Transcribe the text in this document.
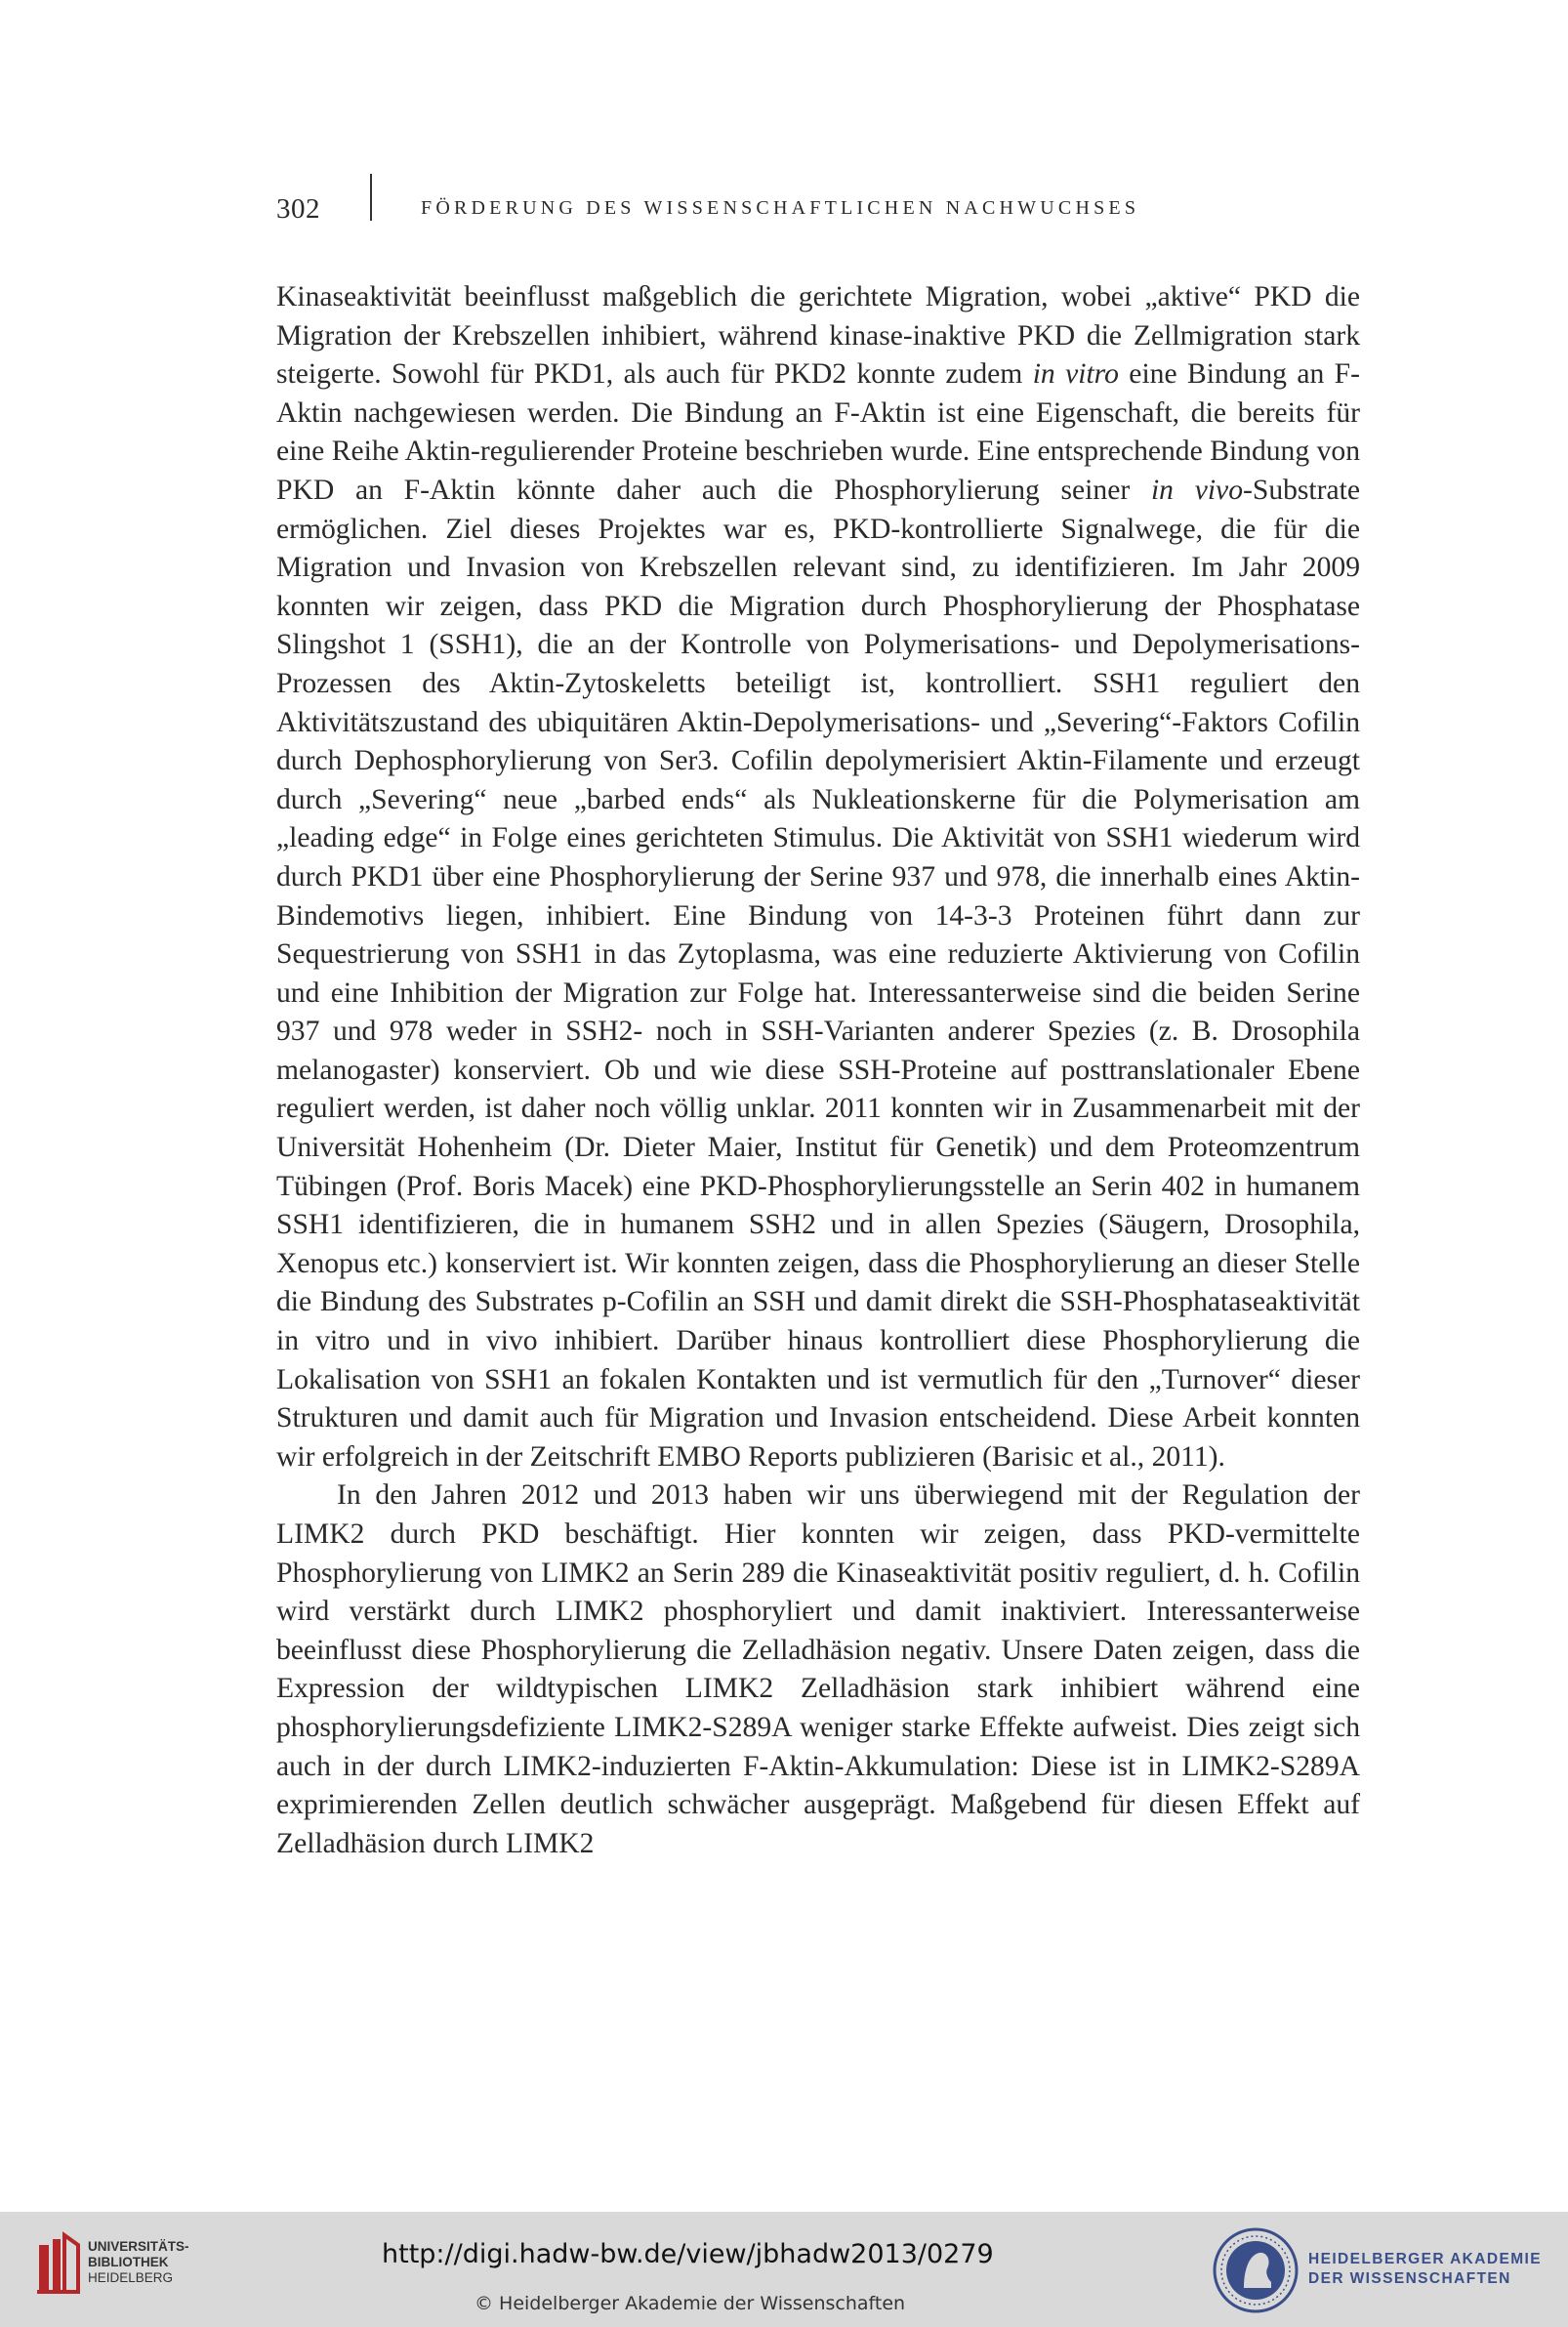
302	FÖRDERUNG DES WISSENSCHAFTLICHEN NACHWUCHSES

Kinaseaktivität beeinflusst maßgeblich die gerichtete Migration, wobei „aktive“ PKD die Migration der Krebszellen inhibiert, während kinase-inaktive PKD die Zellmigration stark steigerte. Sowohl für PKD1, als auch für PKD2 konnte zudem in vitro eine Bindung an F-Aktin nachgewiesen werden. Die Bindung an F-Aktin ist eine Eigenschaft, die bereits für eine Reihe Aktin-regulierender Proteine beschrieben wurde. Eine entsprechende Bindung von PKD an F-Aktin könnte daher auch die Phosphorylierung seiner in vivo-Substrate ermöglichen. Ziel dieses Projektes war es, PKD-kontrollierte Signalwege, die für die Migration und Invasion von Krebszellen relevant sind, zu identifizieren. Im Jahr 2009 konnten wir zeigen, dass PKD die Migration durch Phosphorylierung der Phosphatase Slingshot 1 (SSH1), die an der Kontrolle von Polymerisations- und Depolymerisations-Prozessen des Aktin-Zytoskeletts beteiligt ist, kontrolliert. SSH1 reguliert den Aktivitätszustand des ubiquitären Aktin-Depolymerisations- und „Severing“-Faktors Cofilin durch Dephosphorylierung von Ser3. Cofilin depolymerisiert Aktin-Filamente und erzeugt durch „Severing“ neue „barbed ends“ als Nukleationskerne für die Polymerisation am „leading edge“ in Folge eines gerichteten Stimulus. Die Aktivität von SSH1 wiederum wird durch PKD1 über eine Phosphorylierung der Serine 937 und 978, die innerhalb eines Aktin-Bindemotivs liegen, inhibiert. Eine Bindung von 14-3-3 Proteinen führt dann zur Sequestrierung von SSH1 in das Zytoplasma, was eine reduzierte Aktivierung von Cofilin und eine Inhibition der Migration zur Folge hat. Interessanterweise sind die beiden Serine 937 und 978 weder in SSH2- noch in SSH-Varianten anderer Spezies (z. B. Drosophila melanogaster) konserviert. Ob und wie diese SSH-Proteine auf posttranslationaler Ebene reguliert werden, ist daher noch völlig unklar. 2011 konnten wir in Zusammenarbeit mit der Universität Hohenheim (Dr. Dieter Maier, Institut für Genetik) und dem Proteomzentrum Tübingen (Prof. Boris Macek) eine PKD-Phosphorylierungsstelle an Serin 402 in humanem SSH1 identifizieren, die in humanem SSH2 und in allen Spezies (Säugern, Drosophila, Xenopus etc.) konserviert ist. Wir konnten zeigen, dass die Phosphorylierung an dieser Stelle die Bindung des Substrates p-Cofilin an SSH und damit direkt die SSH-Phosphataseaktivität in vitro und in vivo inhibiert. Darüber hinaus kontrolliert diese Phosphorylierung die Lokalisation von SSH1 an fokalen Kontakten und ist vermutlich für den „Turnover“ dieser Strukturen und damit auch für Migration und Invasion entscheidend. Diese Arbeit konnten wir erfolgreich in der Zeitschrift EMBO Reports publizieren (Barisic et al., 2011).

In den Jahren 2012 und 2013 haben wir uns überwiegend mit der Regulation der LIMK2 durch PKD beschäftigt. Hier konnten wir zeigen, dass PKD-vermittelte Phosphorylierung von LIMK2 an Serin 289 die Kinaseaktivität positiv reguliert, d. h. Cofilin wird verstärkt durch LIMK2 phosphoryliert und damit inaktiviert. Interessanterweise beeinflusst diese Phosphorylierung die Zelladhäsion negativ. Unsere Daten zeigen, dass die Expression der wildtypischen LIMK2 Zelladhäsion stark inhibiert während eine phosphorylierungsdefiziente LIMK2-S289A weniger starke Effekte aufweist. Dies zeigt sich auch in der durch LIMK2-induzierten F-Aktin-Akkumulation: Diese ist in LIMK2-S289A exprimierenden Zellen deutlich schwächer ausgeprägt. Maßgebend für diesen Effekt auf Zelladhäsion durch LIMK2

UNIVERSITÄTS-
BIBLIOTHEK
HEIDELBERG
http://digi.hadw-bw.de/view/jbhadw2013/0279
© Heidelberger Akademie der Wissenschaften
HEIDELBERGER AKADEMIE
DER WISSENSCHAFTEN
